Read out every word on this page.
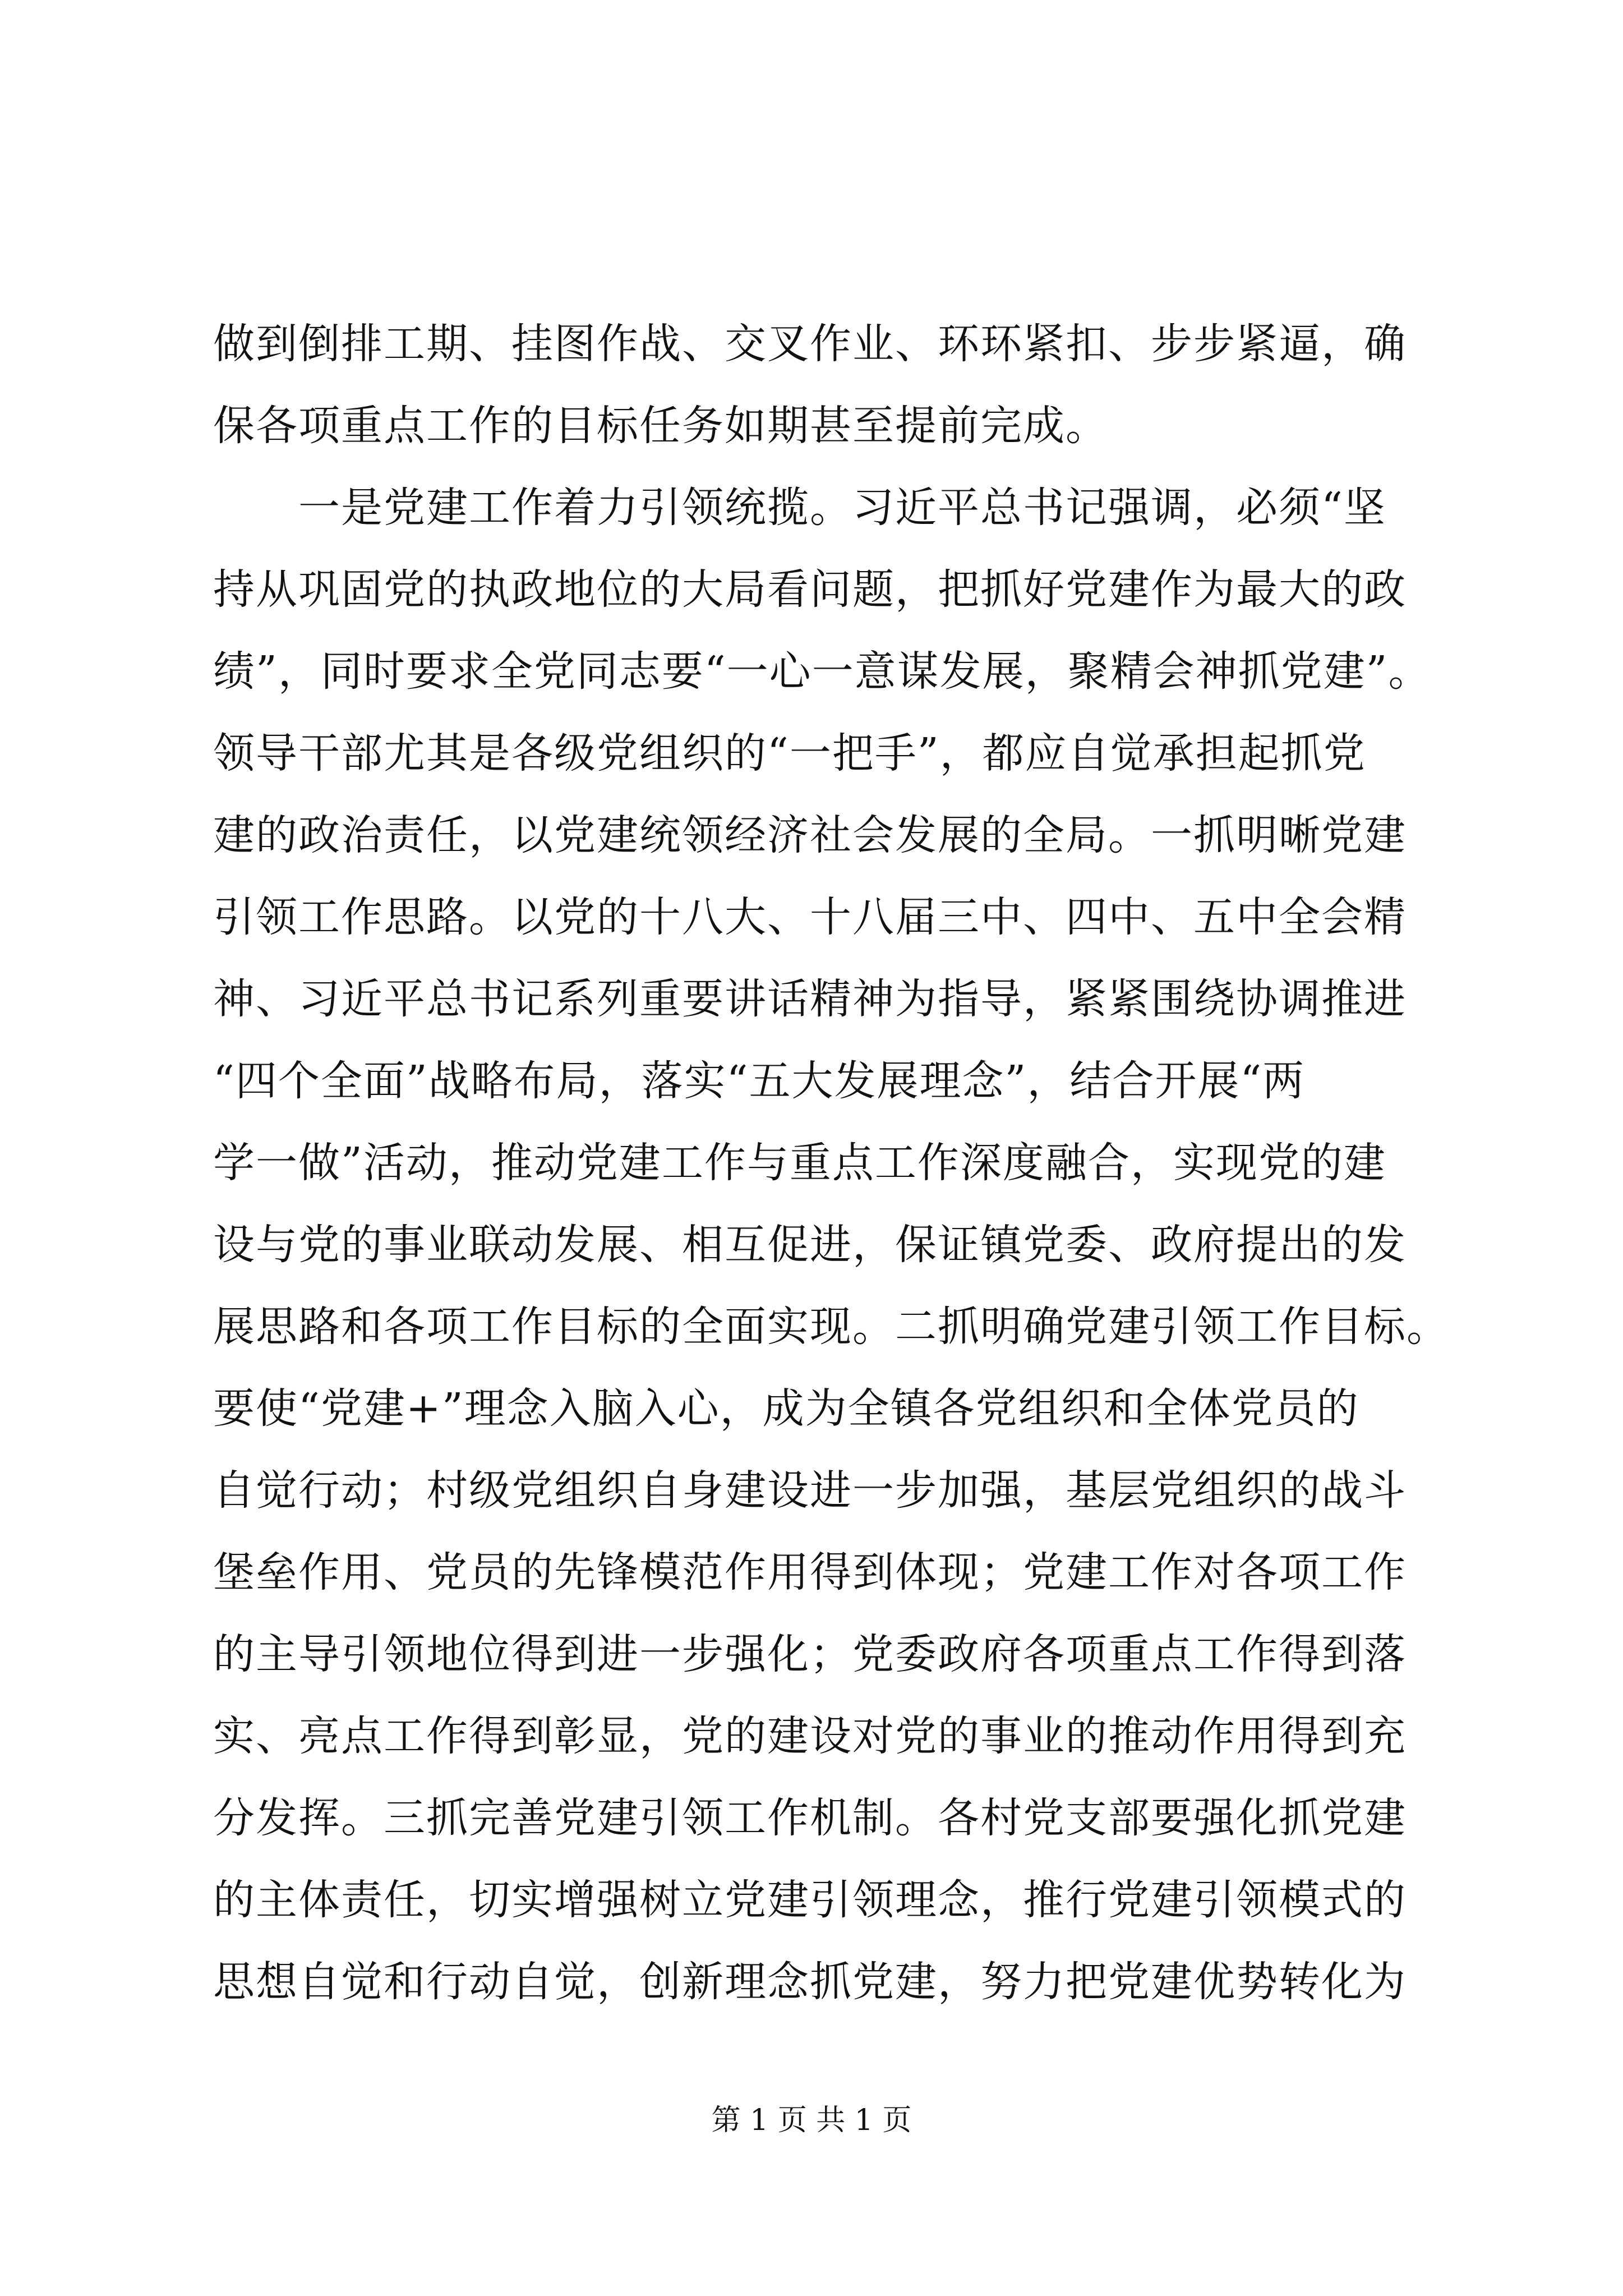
做到倒排工期、挂图作战、交叉作业、环环紧扣、步步紧逼，确
保各项重点工作的目标任务如期甚至提前完成。
　　一是党建工作着力引领统揽。习近平总书记强调，必须“坚
持从巩固党的执政地位的大局看问题，把抓好党建作为最大的政
绩”，同时要求全党同志要“一心一意谋发展，聚精会神抓党建”。
领导干部尤其是各级党组织的“一把手”，都应自觉承担起抓党
建的政治责任，以党建统领经济社会发展的全局。一抓明晰党建
引领工作思路。以党的十八大、十八届三中、四中、五中全会精
神、习近平总书记系列重要讲话精神为指导，紧紧围绕协调推进
“四个全面”战略布局，落实“五大发展理念”，结合开展“两
学一做”活动，推动党建工作与重点工作深度融合，实现党的建
设与党的事业联动发展、相互促进，保证镇党委、政府提出的发
展思路和各项工作目标的全面实现。二抓明确党建引领工作目标。
要使“党建+”理念入脑入心，成为全镇各党组织和全体党员的
自觉行动；村级党组织自身建设进一步加强，基层党组织的战斗
堡垒作用、党员的先锋模范作用得到体现；党建工作对各项工作
的主导引领地位得到进一步强化；党委政府各项重点工作得到落
实、亮点工作得到彰显，党的建设对党的事业的推动作用得到充
分发挥。三抓完善党建引领工作机制。各村党支部要强化抓党建
的主体责任，切实增强树立党建引领理念，推行党建引领模式的
思想自觉和行动自觉，创新理念抓党建，努力把党建优势转化为
第 1 页 共 1 页
